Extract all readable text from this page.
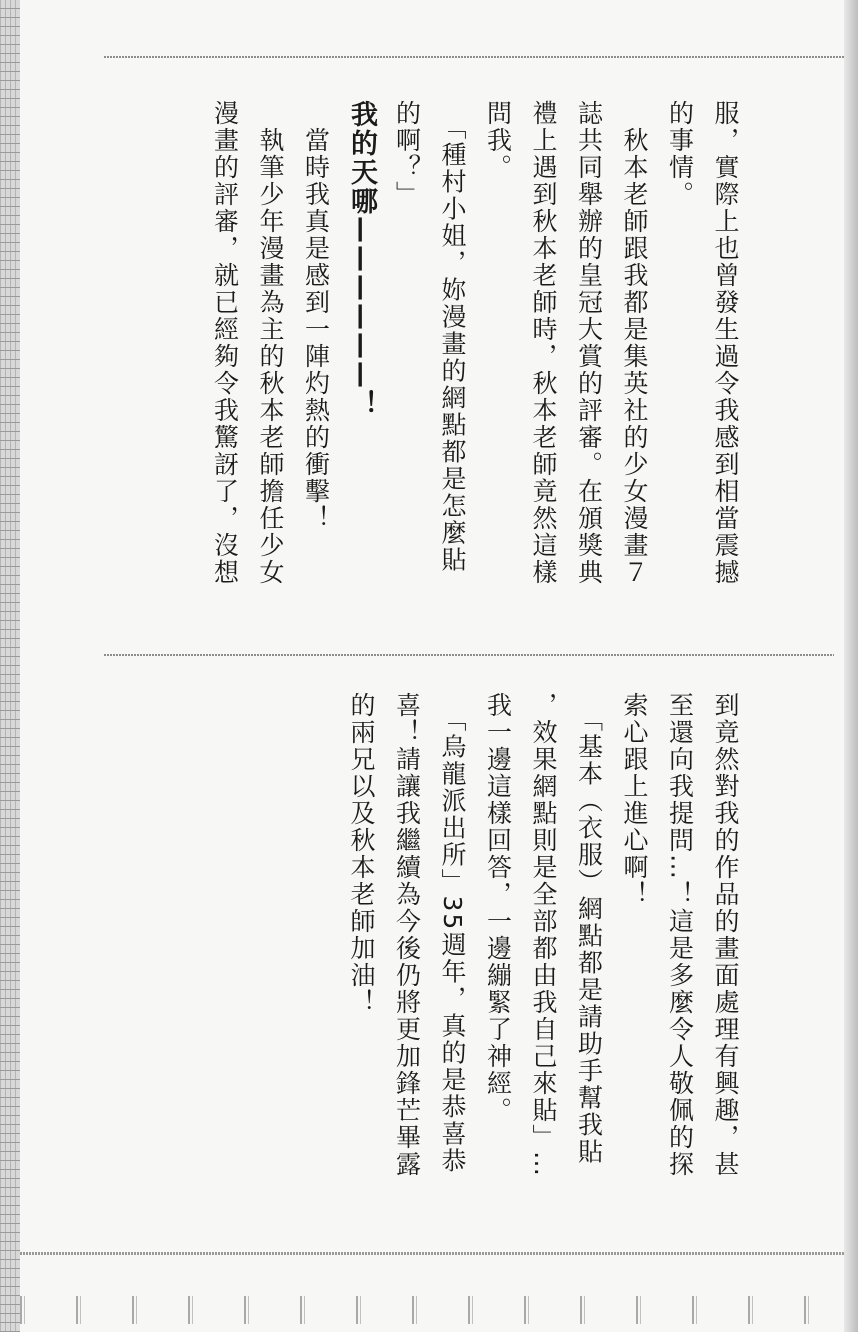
服，實際上也曾發生過令我感到相當震撼
的事情。
　秋本老師跟我都是集英社的少女漫畫７
誌共同舉辦的皇冠大賞的評審。在頒獎典
禮上遇到秋本老師時，秋本老師竟然這樣
問我。
　「種村小姐，妳漫畫的網點都是怎麼貼
的啊？」
我的天哪——————！
　當時我真是感到一陣灼熱的衝擊！
　執筆少年漫畫為主的秋本老師擔任少女
漫畫的評審，就已經夠令我驚訝了，沒想
到竟然對我的作品的畫面處理有興趣，甚
至還向我提問…！這是多麼令人敬佩的探
索心跟上進心啊！
　「基本（衣服）網點都是請助手幫我貼
，效果網點則是全部都由我自己來貼」…
我一邊這樣回答，一邊繃緊了神經。
　「烏龍派出所」35週年，真的是恭喜恭
喜！請讓我繼續為今後仍將更加鋒芒畢露
的兩兄以及秋本老師加油！
